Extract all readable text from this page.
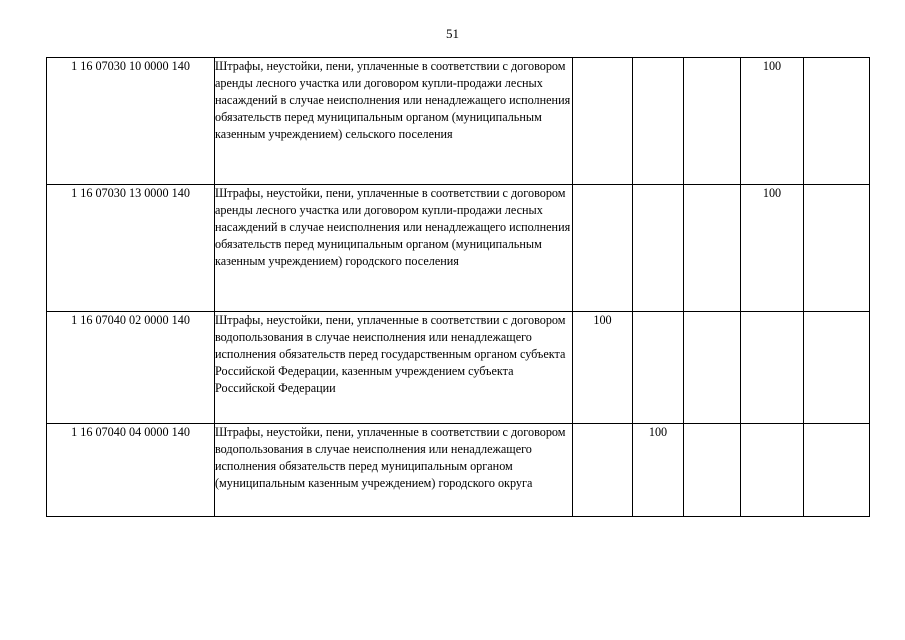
51
1 16 07030 10 0000 140	Штрафы, неустойки, пени, уплаченные в соответствии с договором аренды лесного участка или договором купли-продажи лесных насаждений в случае неисполнения или ненадлежащего исполнения обязательств перед муниципальным органом (муниципальным казенным учреждением) сельского поселения				100	
1 16 07030 13 0000 140	Штрафы, неустойки, пени, уплаченные в соответствии с договором аренды лесного участка или договором купли-продажи лесных насаждений в случае неисполнения или ненадлежащего исполнения обязательств перед муниципальным органом (муниципальным казенным учреждением) городского поселения				100	
1 16 07040 02 0000 140	Штрафы, неустойки, пени, уплаченные в соответствии с договором водопользования в случае неисполнения или ненадлежащего исполнения обязательств перед государственным органом субъекта Российской Федерации, казенным учреждением субъекта Российской Федерации	100				
1 16 07040 04 0000 140	Штрафы, неустойки, пени, уплаченные в соответствии с договором водопользования в случае неисполнения или ненадлежащего исполнения обязательств перед муниципальным органом (муниципальным казенным учреждением) городского округа		100			
